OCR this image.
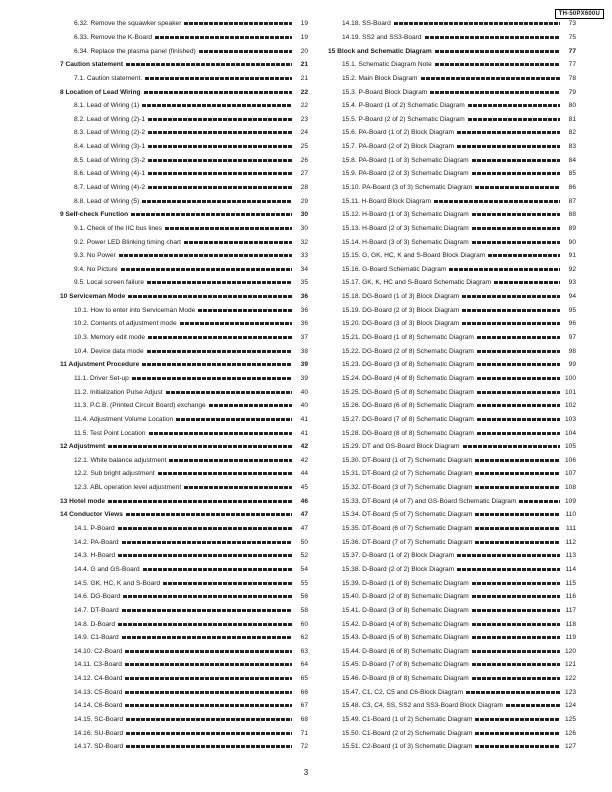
TH-50PX600U
6.32. Remove the squawker speaker	19
6.33. Remove the K-Board	19
6.34. Replace the plasma panel (finished)	20
7 Caution statement	21
7.1. Caution statement.	21
8 Location of Lead Wiring	22
8.1. Lead of Wiring (1)	22
8.2. Lead of Wiring (2)-1	23
8.3. Lead of Wiring (2)-2	24
8.4. Lead of Wiring (3)-1	25
8.5. Lead of Wiring (3)-2	26
8.6. Lead of Wiring (4)-1	27
8.7. Lead of Wiring (4)-2	28
8.8. Lead of Wiring (5)	29
9 Self-check Function	30
9.1. Check of the IIC bus lines	30
9.2. Power LED Blinking timing chart	32
9.3. No Power	33
9.4. No Picture	34
9.5. Local screen failure	35
10 Serviceman Mode	36
10.1. How to enter into Serviceman Mode	36
10.2. Contents of adjustment mode	36
10.3. Memory edit mode	37
10.4. Device data mode	38
11 Adjustment Procedure	39
11.1. Driver Set-up	39
11.2. Initialization Pulse Adjust	40
11.3. P.C.B. (Printed Circuit Board) exchange	40
11.4. Adjustment Volume Location	41
11.5. Test Point Location	41
12 Adjustment	42
12.1. White balance adjustment	42
12.2. Sub bright adjustment	44
12.3. ABL operation level adjustment	45
13 Hotel mode	46
14 Conductor Views	47
14.1. P-Board	47
14.2. PA-Board	50
14.3. H-Board	52
14.4. G and GS-Board	54
14.5. GK, HC, K and S-Board	55
14.6. DG-Board	56
14.7. DT-Board	58
14.8. D-Board	60
14.9. C1-Board	62
14.10. C2-Board	63
14.11. C3-Board	64
14.12. C4-Board	65
14.13. C5-Board	66
14.14. C6-Board	67
14.15. SC-Board	68
14.16. SU-Board	71
14.17. SD-Board	72
14.18. SS-Board	73
14.19. SS2 and SS3-Board	75
15 Block and Schematic Diagram	77
15.1. Schematic Diagram Note	77
15.2. Main Block Diagram	78
15.3. P-Board Block Diagram	79
15.4. P-Board (1 of 2) Schematic Diagram	80
15.5. P-Board (2 of 2) Schematic Diagram	81
15.6. PA-Board (1 of 2) Block Diagram	82
15.7. PA-Board (2 of 2) Block Diagram	83
15.8. PA-Board (1 of 3) Schematic Diagram	84
15.9. PA-Board (2 of 3) Schematic Diagram	85
15.10. PA-Board (3 of 3) Schematic Diagram	86
15.11. H-Board Block Diagram	87
15.12. H-Board (1 of 3) Schematic Diagram	88
15.13. H-Board (2 of 3) Schematic Diagram	89
15.14. H-Board (3 of 3) Schematic Diagram	90
15.15. G, GK, HC, K and S-Board Block Diagram	91
15.16. G-Board Schematic Diagram	92
15.17. GK, K, HC and S-Board Schematic Diagram	93
15.18. DG-Board (1 of 3) Block Diagram	94
15.19. DG-Board (2 of 3) Block Diagram	95
15.20. DG-Board (3 of 3) Block Diagram	96
15.21. DG-Board (1 of 8) Schematic Diagram	97
15.22. DG-Board (2 of 8) Schematic Diagram	98
15.23. DG-Board (3 of 8) Schematic Diagram	99
15.24. DG-Board (4 of 8) Schematic Diagram	100
15.25. DG-Board (5 of 8) Schematic Diagram	101
15.26. DG-Board (6 of 8) Schematic Diagram	102
15.27. DG-Board (7 of 8) Schematic Diagram	103
15.28. DG-Board (8 of 8) Schematic Diagram	104
15.29. DT and GS-Board Block Diagram	105
15.30. DT-Board (1 of 7) Schematic Diagram	106
15.31. DT-Board (2 of 7) Schematic Diagram	107
15.32. DT-Board (3 of 7) Schematic Diagram	108
15.33. DT-Board (4 of 7) and GS-Board Schematic Diagram	109
15.34. DT-Board (5 of 7) Schematic Diagram	110
15.35. DT-Board (6 of 7) Schematic Diagram	111
15.36. DT-Board (7 of 7) Schematic Diagram	112
15.37. D-Board (1 of 2) Block Diagram	113
15.38. D-Board (2 of 2) Block Diagram	114
15.39. D-Board (1 of 8) Schematic Diagram	115
15.40. D-Board (2 of 8) Schematic Diagram	116
15.41. D-Board (3 of 8) Schematic Diagram	117
15.42. D-Board (4 of 8) Schematic Diagram	118
15.43. D-Board (5 of 8) Schematic Diagram	119
15.44. D-Board (6 of 8) Schematic Diagram	120
15.45. D-Board (7 of 8) Schematic Diagram	121
15.46. D-Board (8 of 8) Schematic Diagram	122
15.47. C1, C2, C5 and C6-Block Diagram	123
15.48. C3, C4, SS, SS2 and SS3-Board Block Diagram	124
15.49. C1-Board (1 of 2) Schematic Diagram	125
15.50. C1-Board (2 of 2) Schematic Diagram	126
15.51. C2-Board (1 of 3) Schematic Diagram	127
3
